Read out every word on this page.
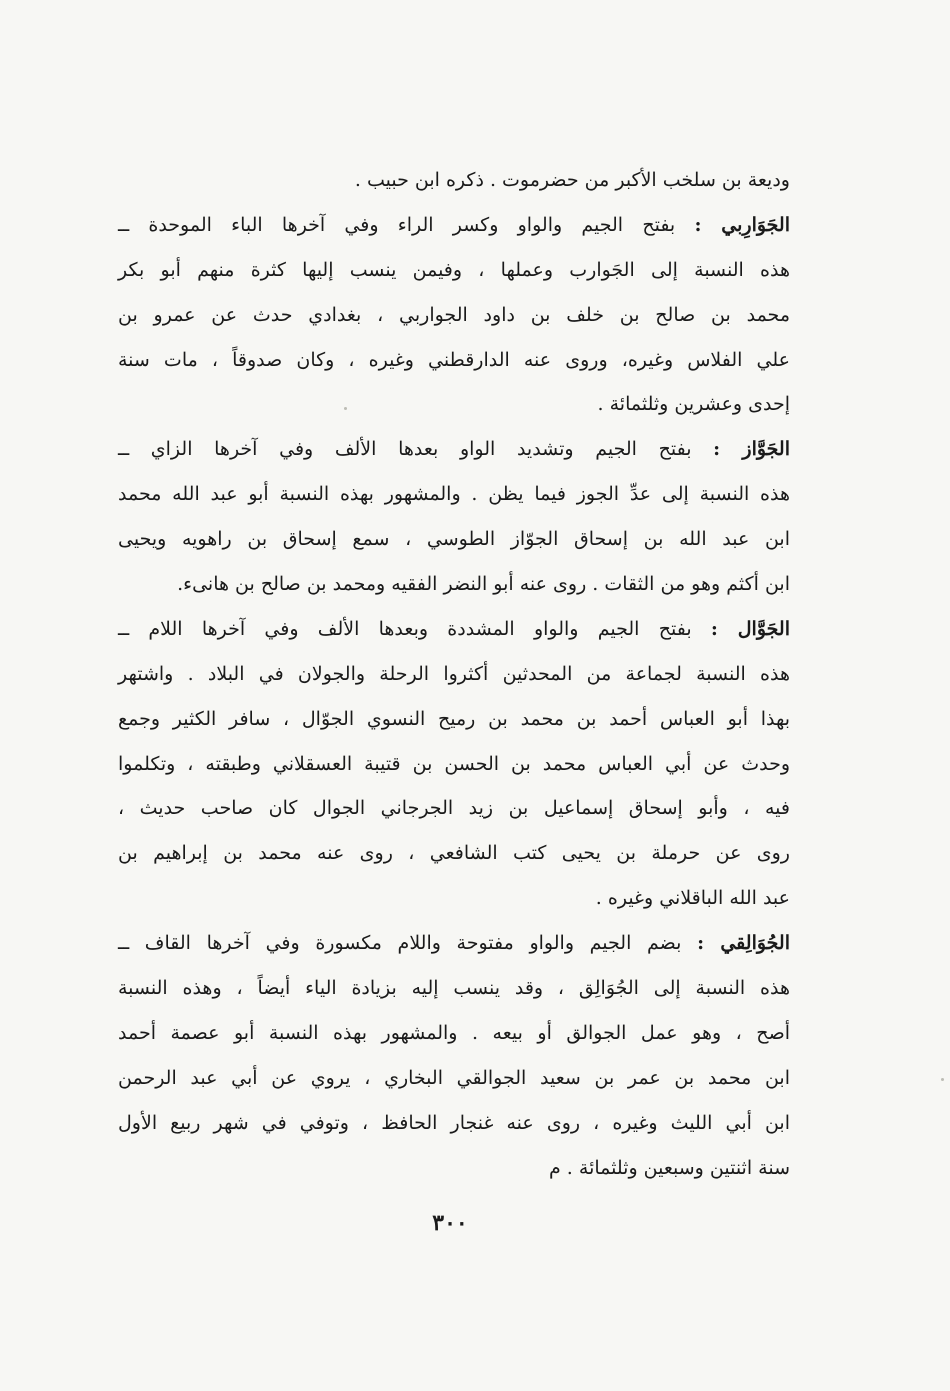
وديعة بن سلخب الأكبر من حضرموت . ذكره ابن حبيب .
الجَوَارِبي : بفتح الجيم والواو وكسر الراء وفي آخرها الباء الموحدة ــ
هذه النسبة إلى الجَوارب وعملها ، وفيمن ينسب إليها كثرة منهم أبو بكر
محمد بن صالح بن خلف بن داود الجواربي ، بغدادي حدث عن عمرو بن
علي الفلاس وغيره، وروى عنه الدارقطني وغيره ، وكان صدوقاً ، مات سنة
إحدى وعشرين وثلثمائة .
الجَوَّاز : بفتح الجيم وتشديد الواو بعدها الألف وفي آخرها الزاي ــ
هذه النسبة إلى عدِّ الجوز فيما يظن . والمشهور بهذه النسبة أبو عبد الله محمد
ابن عبد الله بن إسحاق الجوّاز الطوسي ، سمع إسحاق بن راهويه ويحيى
ابن أكثم وهو من الثقات . روى عنه أبو النضر الفقيه ومحمد بن صالح بن هانىء.
الجَوَّال : بفتح الجيم والواو المشددة وبعدها الألف وفي آخرها اللام ــ
هذه النسبة لجماعة من المحدثين أكثروا الرحلة والجولان في البلاد . واشتهر
بهذا أبو العباس أحمد بن محمد بن رميح النسوي الجوّال ، سافر الكثير وجمع
وحدث عن أبي العباس محمد بن الحسن بن قتيبة العسقلاني وطبقته ، وتكلموا
فيه ، وأبو إسحاق إسماعيل بن زيد الجرجاني الجوال كان صاحب حديث ،
روى عن حرملة بن يحيى كتب الشافعي ، روى عنه محمد بن إبراهيم بن
عبد الله الباقلاني وغيره .
الجُوَالِقي : بضم الجيم والواو مفتوحة واللام مكسورة وفي آخرها القاف ــ
هذه النسبة إلى الجُوَالِق ، وقد ينسب إليه بزيادة الياء أيضاً ، وهذه النسبة
أصح ، وهو عمل الجوالق أو بيعه . والمشهور بهذه النسبة أبو عصمة أحمد
ابن محمد بن عمر بن سعيد الجوالقي البخاري ، يروي عن أبي عبد الرحمن
ابن أبي الليث وغيره ، روى عنه غنجار الحافظ ، وتوفي في شهر ربيع الأول
سنة اثنتين وسبعين وثلثمائة . م
٣٠٠
